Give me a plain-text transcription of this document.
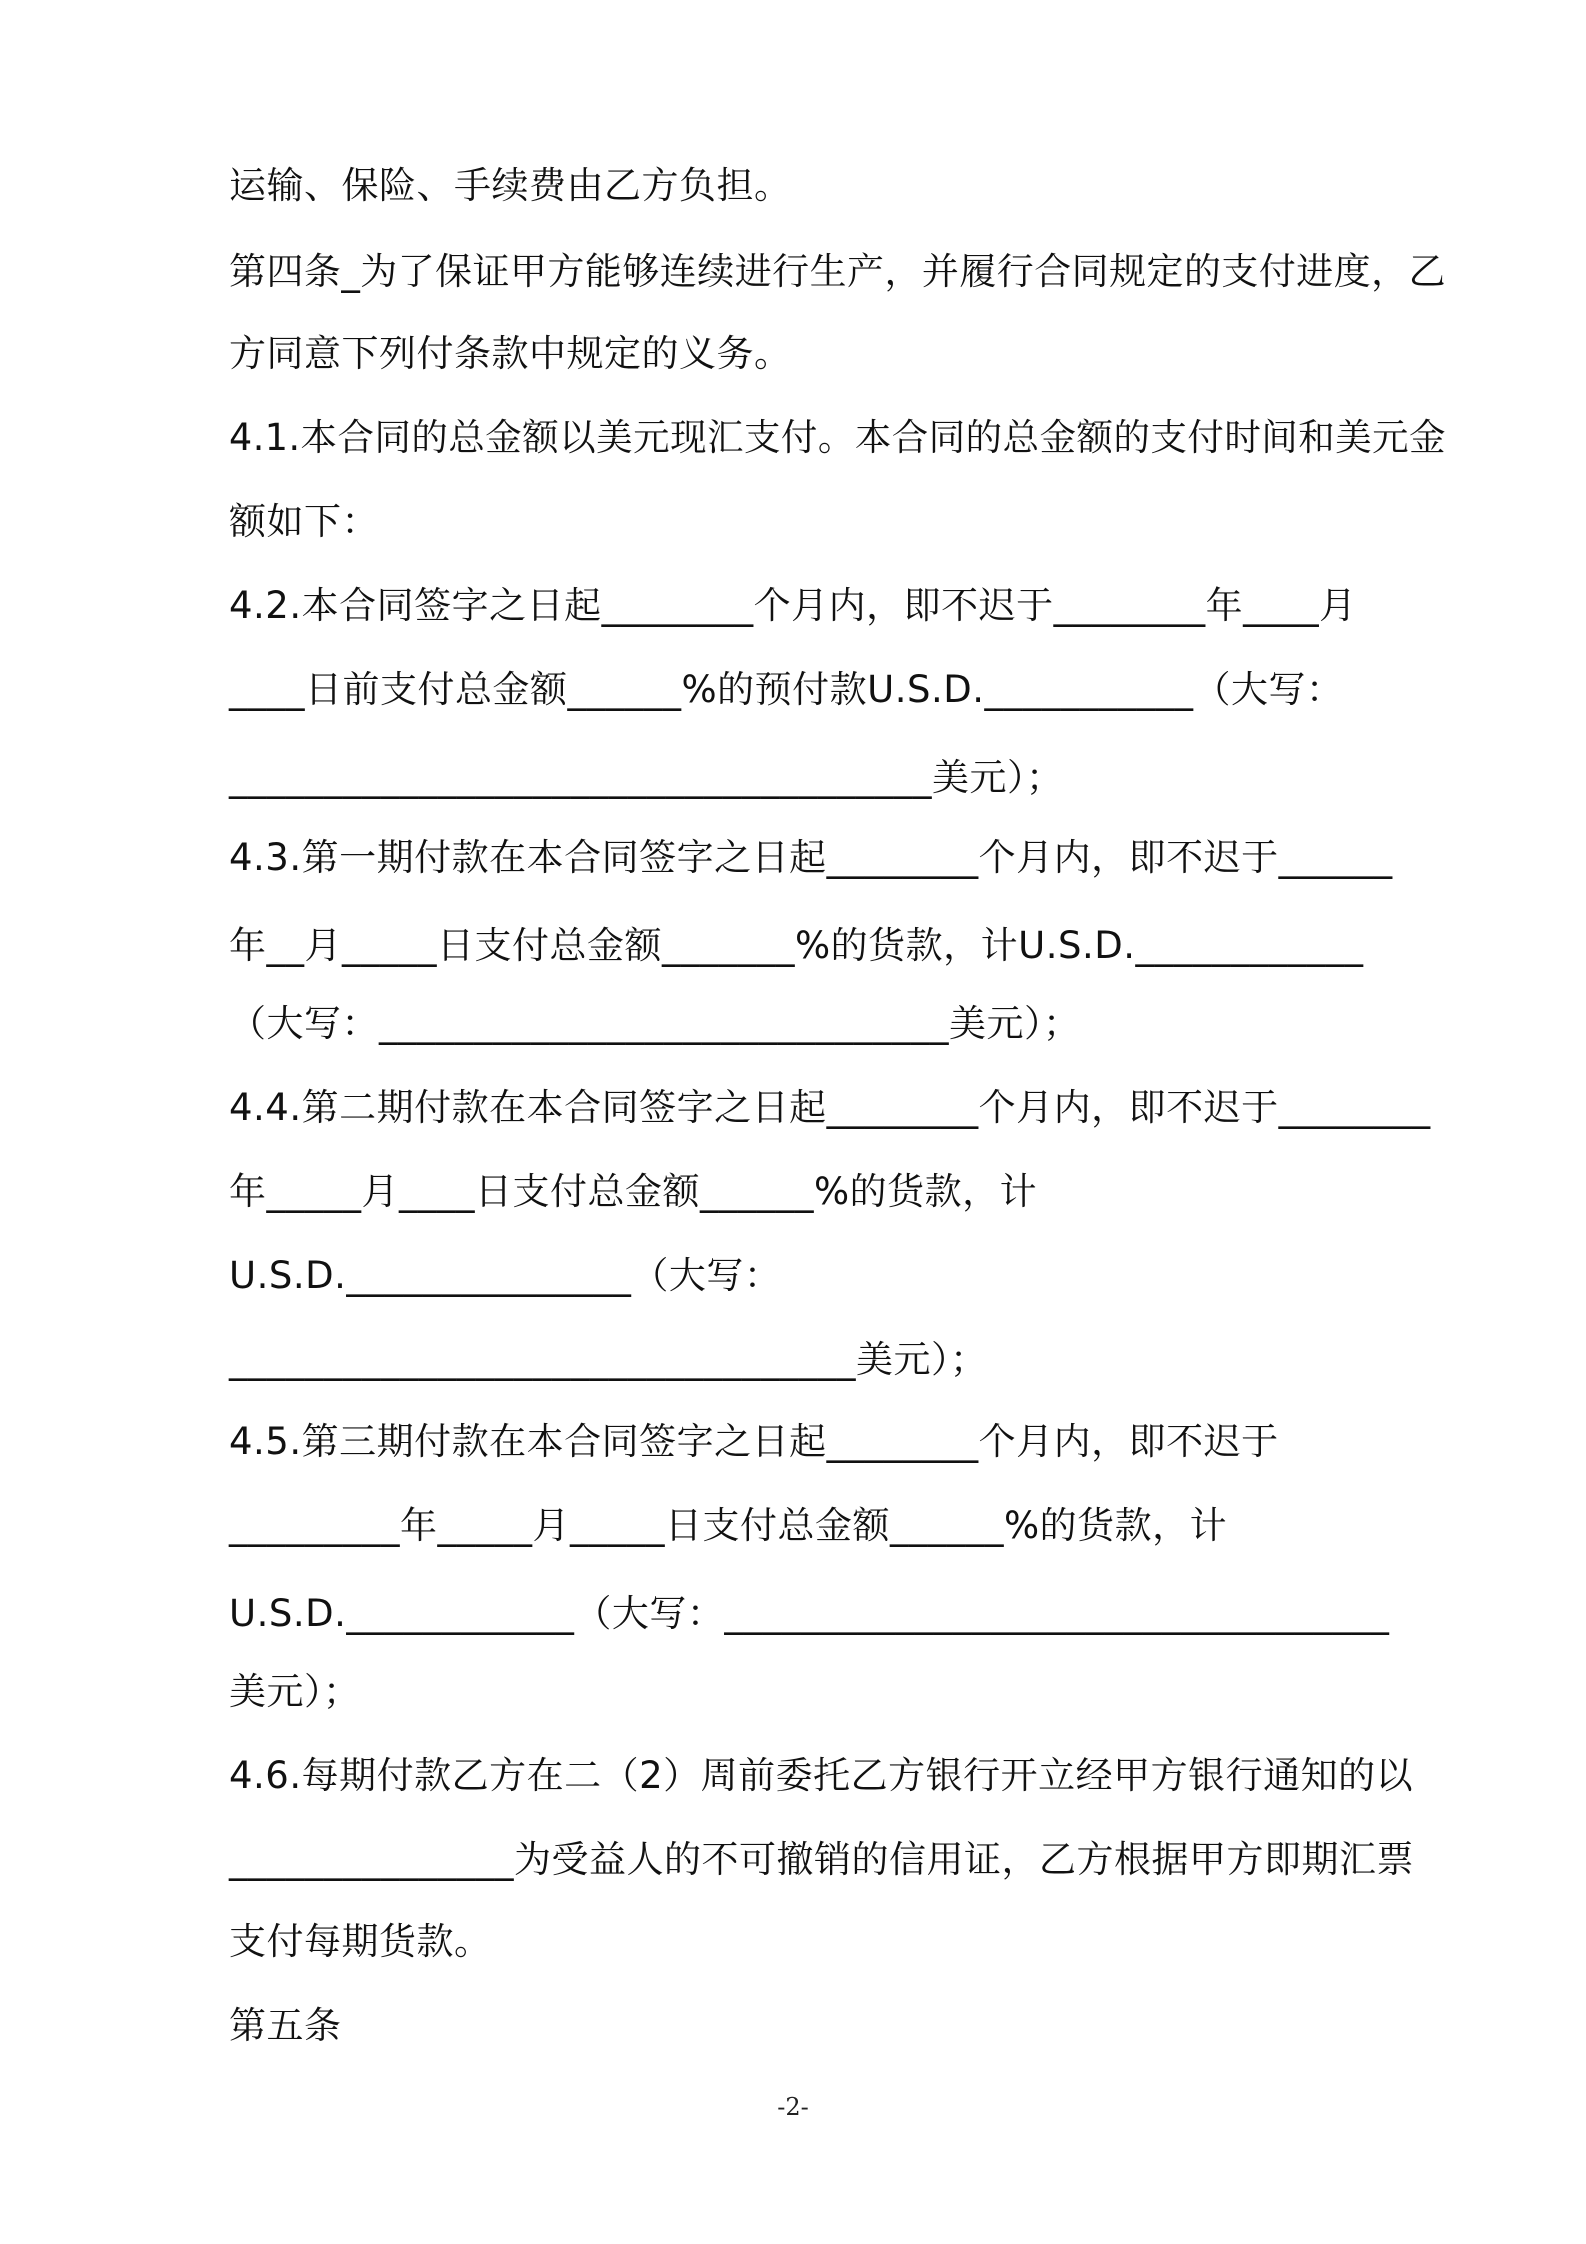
运输、保险、手续费由乙方负担。
第四条_为了保证甲方能够连续进行生产，并履行合同规定的支付进度，乙
方同意下列付条款中规定的义务。
4.1.本合同的总金额以美元现汇支付。本合同的总金额的支付时间和美元金
额如下：
4.2.本合同签字之日起________个月内，即不迟于________年____月
____日前支付总金额______%的预付款U.S.D.___________（大写：
_____________________________________美元）；
4.3.第一期付款在本合同签字之日起________个月内，即不迟于______
年__月_____日支付总金额_______%的货款，计U.S.D.____________
（大写：______________________________美元）；
4.4.第二期付款在本合同签字之日起________个月内，即不迟于________
年_____月____日支付总金额______%的货款，计
U.S.D._______________（大写：
_________________________________美元）；
4.5.第三期付款在本合同签字之日起________个月内，即不迟于
_________年_____月_____日支付总金额______%的货款，计
U.S.D.____________（大写：___________________________________
美元）；
4.6.每期付款乙方在二（2）周前委托乙方银行开立经甲方银行通知的以
_______________为受益人的不可撤销的信用证，乙方根据甲方即期汇票
支付每期货款。
第五条
-2-
